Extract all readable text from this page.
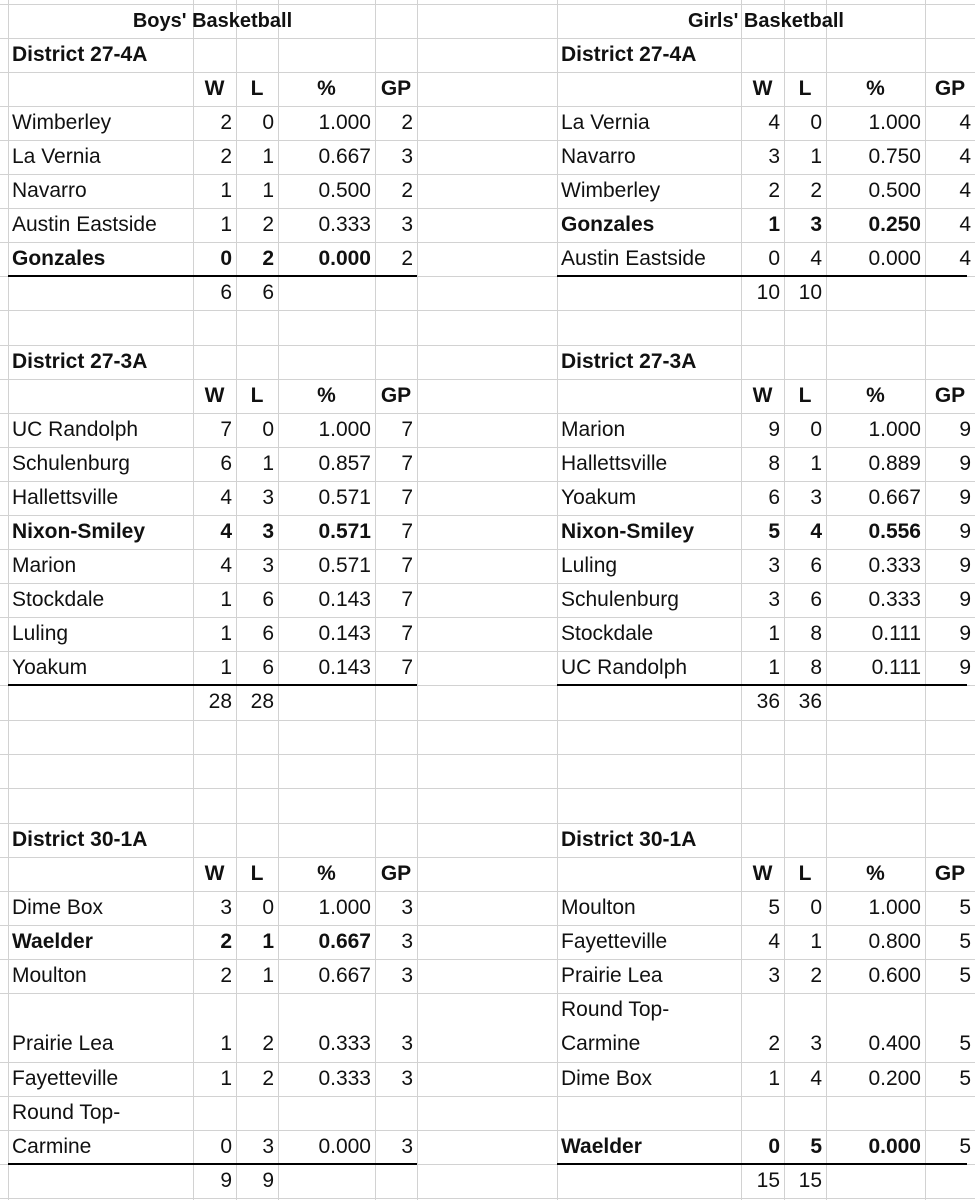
Boys' Basketball
District 27-4A
W	L	%	GP
Wimberley	2	0	1.000	2
La Vernia	2	1	0.667	3
Navarro	1	1	0.500	2
Austin Eastside	1	2	0.333	3
Gonzales	0	2	0.000	2
6	6
District 27-3A
W	L	%	GP
UC Randolph	7	0	1.000	7
Schulenburg	6	1	0.857	7
Hallettsville	4	3	0.571	7
Nixon-Smiley	4	3	0.571	7
Marion	4	3	0.571	7
Stockdale	1	6	0.143	7
Luling	1	6	0.143	7
Yoakum	1	6	0.143	7
28 28
District 30-1A
W	L	%	GP
Dime Box	3	0	1.000	3
Waelder	2	1	0.667	3
Moulton	2	1	0.667	3
Prairie Lea	1	2	0.333	3
Fayetteville	1	2	0.333	3
Round Top-
Carmine	0	3	0.000	3
9	9
Girls' Basketball
District 27-4A
W	L	%	GP
La Vernia	4	0	1.000	4
Navarro	3	1	0.750	4
Wimberley	2	2	0.500	4
Gonzales	1	3	0.250	4
Austin Eastside	0	4	0.000	4
10 10
District 27-3A
W	L	%	GP
Marion	9	0	1.000	9
Hallettsville	8	1	0.889	9
Yoakum	6	3	0.667	9
Nixon-Smiley	5	4	0.556	9
Luling	3	6	0.333	9
Schulenburg	3	6	0.333	9
Stockdale	1	8	0.111	9
UC Randolph	1	8	0.111	9
36 36
District 30-1A
W	L	%	GP
Moulton	5	0	1.000	5
Fayetteville	4	1	0.800	5
Prairie Lea	3	2	0.600	5
Round Top-
Carmine	2	3	0.400	5
Dime Box	1	4	0.200	5
Waelder	0	5	0.000	5
15 15
